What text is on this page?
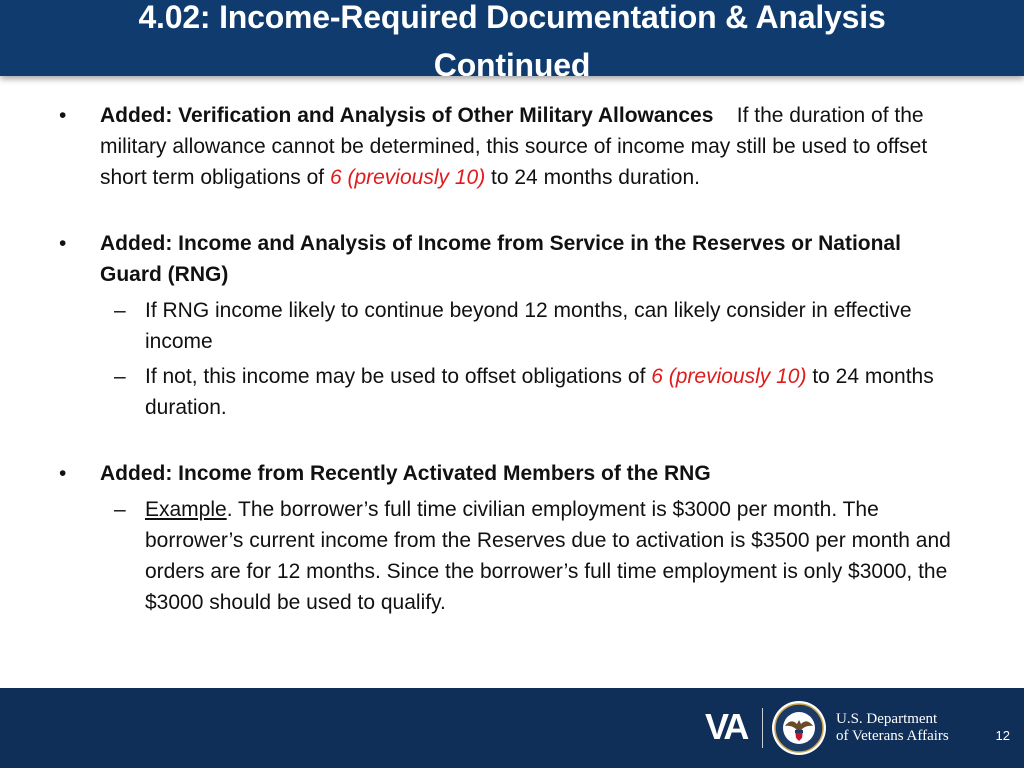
4.02: Income-Required Documentation & Analysis
Continued
• Added: Verification and Analysis of Other Military Allowances If the duration of the military allowance cannot be determined, this source of income may still be used to offset short term obligations of 6 (previously 10) to 24 months duration.
• Added: Income and Analysis of Income from Service in the Reserves or National Guard (RNG)
– If RNG income likely to continue beyond 12 months, can likely consider in effective income
– If not, this income may be used to offset obligations of 6 (previously 10) to 24 months duration.
• Added: Income from Recently Activated Members of the RNG
– Example. The borrower’s full time civilian employment is $3000 per month. The borrower’s current income from the Reserves due to activation is $3500 per month and orders are for 12 months. Since the borrower’s full time employment is only $3000, the $3000 should be used to qualify.
VA	U.S. Department
of Veterans Affairs	12
